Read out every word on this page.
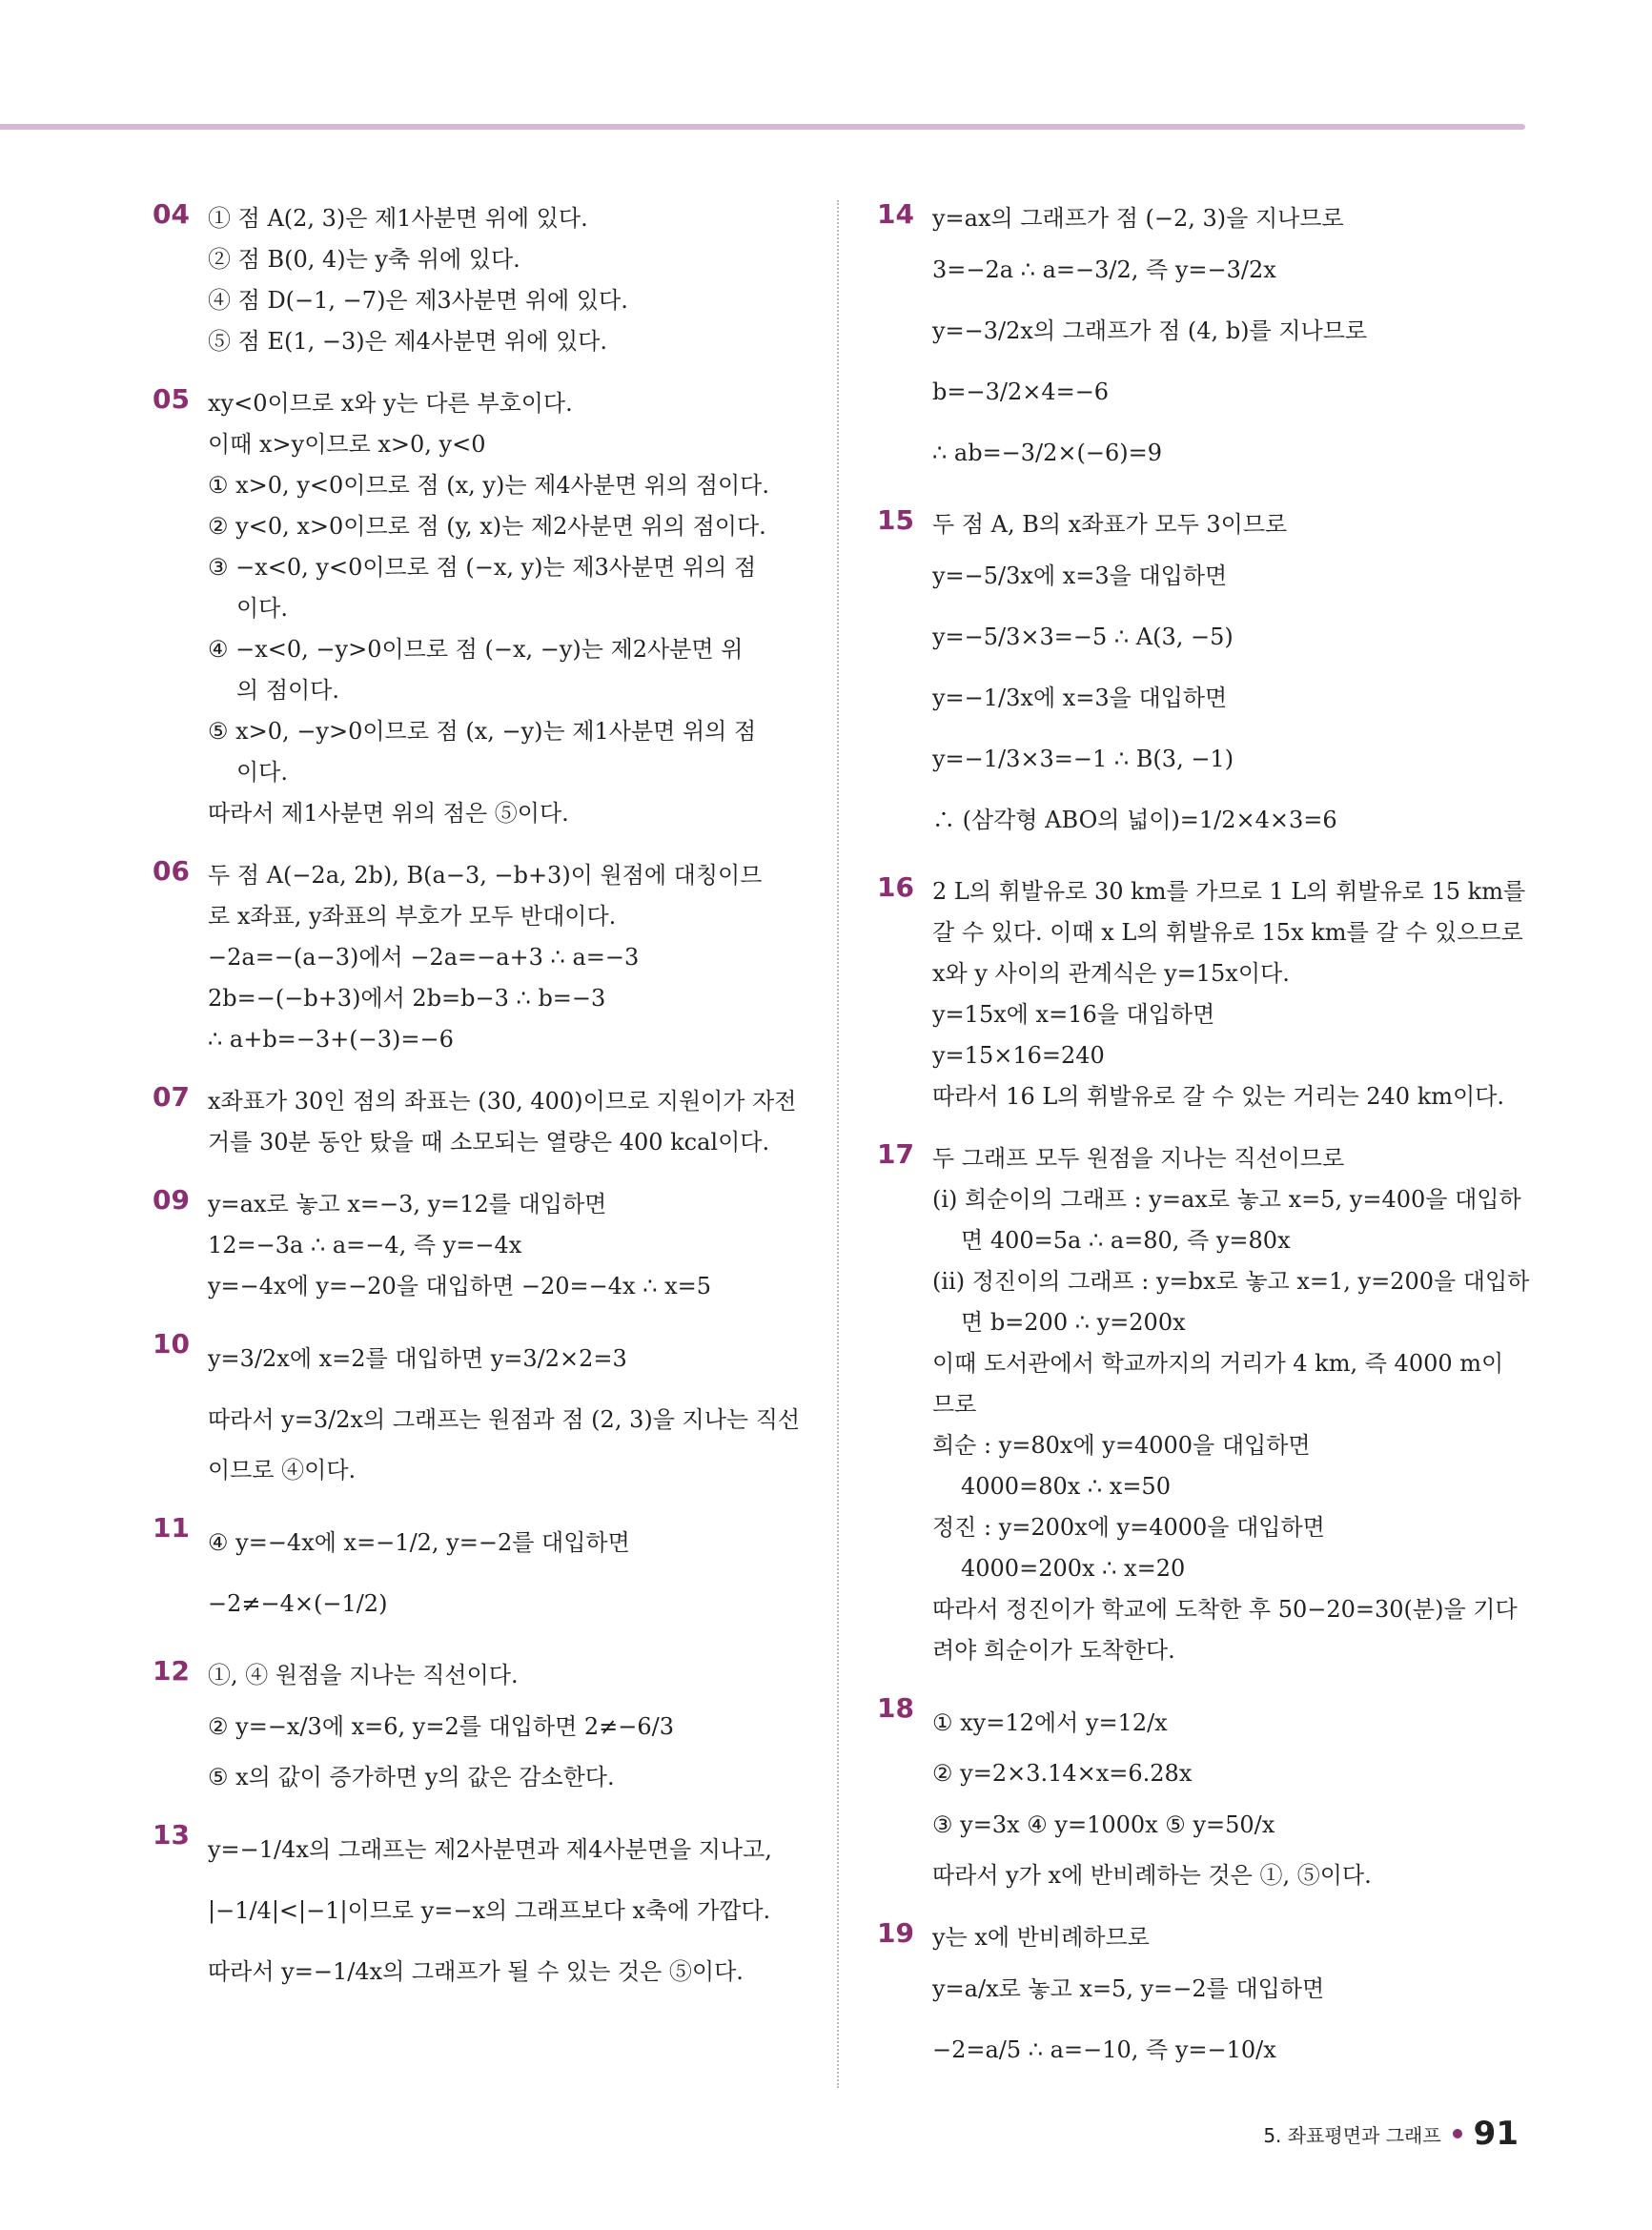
04 ① 점 A(2, 3)은 제1사분면 위에 있다.
② 점 B(0, 4)는 y축 위에 있다.
④ 점 D(−1, −7)은 제3사분면 위에 있다.
⑤ 점 E(1, −3)은 제4사분면 위에 있다.
05 xy<0이므로 x와 y는 다른 부호이다.
이때 x>y이므로 x>0, y<0
① x>0, y<0이므로 점 (x, y)는 제4사분면 위의 점이다.
② y<0, x>0이므로 점 (y, x)는 제2사분면 위의 점이다.
③ −x<0, y<0이므로 점 (−x, y)는 제3사분면 위의 점
이다.
④ −x<0, −y>0이므로 점 (−x, −y)는 제2사분면 위
의 점이다.
⑤ x>0, −y>0이므로 점 (x, −y)는 제1사분면 위의 점
이다.
따라서 제1사분면 위의 점은 ⑤이다.
06 두 점 A(−2a, 2b), B(a−3, −b+3)이 원점에 대칭이므
로 x좌표, y좌표의 부호가 모두 반대이다.
−2a=−(a−3)에서 −2a=−a+3 ∴ a=−3
2b=−(−b+3)에서 2b=b−3 ∴ b=−3
∴ a+b=−3+(−3)=−6
07 x좌표가 30인 점의 좌표는 (30, 400)이므로 지원이가 자전
거를 30분 동안 탔을 때 소모되는 열량은 400 kcal이다.
09 y=ax로 놓고 x=−3, y=12를 대입하면
12=−3a ∴ a=−4, 즉 y=−4x
y=−4x에 y=−20을 대입하면 −20=−4x ∴ x=5
10 y=3/2x에 x=2를 대입하면 y=3/2×2=3
따라서 y=3/2x의 그래프는 원점과 점 (2, 3)을 지나는 직선
이므로 ④이다.
11 ④ y=−4x에 x=−1/2, y=−2를 대입하면
−2≠−4×(−1/2)
12 ①, ④ 원점을 지나는 직선이다.
② y=−x/3에 x=6, y=2를 대입하면 2≠−6/3
⑤ x의 값이 증가하면 y의 값은 감소한다.
13 y=−1/4x의 그래프는 제2사분면과 제4사분면을 지나고,
|−1/4|<|−1|이므로 y=−x의 그래프보다 x축에 가깝다.
따라서 y=−1/4x의 그래프가 될 수 있는 것은 ⑤이다.
14 y=ax의 그래프가 점 (−2, 3)을 지나므로
3=−2a ∴ a=−3/2, 즉 y=−3/2x
y=−3/2x의 그래프가 점 (4, b)를 지나므로
b=−3/2×4=−6
∴ ab=−3/2×(−6)=9
15 두 점 A, B의 x좌표가 모두 3이므로
y=−5/3x에 x=3을 대입하면
y=−5/3×3=−5 ∴ A(3, −5)
y=−1/3x에 x=3을 대입하면
y=−1/3×3=−1 ∴ B(3, −1)
∴ (삼각형 ABO의 넓이)=1/2×4×3=6
16 2 L의 휘발유로 30 km를 가므로 1 L의 휘발유로 15 km를
갈 수 있다. 이때 x L의 휘발유로 15x km를 갈 수 있으므로
x와 y 사이의 관계식은 y=15x이다.
y=15x에 x=16을 대입하면
y=15×16=240
따라서 16 L의 휘발유로 갈 수 있는 거리는 240 km이다.
17 두 그래프 모두 원점을 지나는 직선이므로
(ⅰ) 희순이의 그래프 : y=ax로 놓고 x=5, y=400을 대입하
면 400=5a ∴ a=80, 즉 y=80x
(ⅱ) 정진이의 그래프 : y=bx로 놓고 x=1, y=200을 대입하
면 b=200 ∴ y=200x
이때 도서관에서 학교까지의 거리가 4 km, 즉 4000 m이
므로
희순 : y=80x에 y=4000을 대입하면
4000=80x ∴ x=50
정진 : y=200x에 y=4000을 대입하면
4000=200x ∴ x=20
따라서 정진이가 학교에 도착한 후 50−20=30(분)을 기다
려야 희순이가 도착한다.
18 ① xy=12에서 y=12/x
② y=2×3.14×x=6.28x
③ y=3x ④ y=1000x ⑤ y=50/x
따라서 y가 x에 반비례하는 것은 ①, ⑤이다.
19 y는 x에 반비례하므로
y=a/x로 놓고 x=5, y=−2를 대입하면
−2=a/5 ∴ a=−10, 즉 y=−10/x
5. 좌표평면과 그래프 91
